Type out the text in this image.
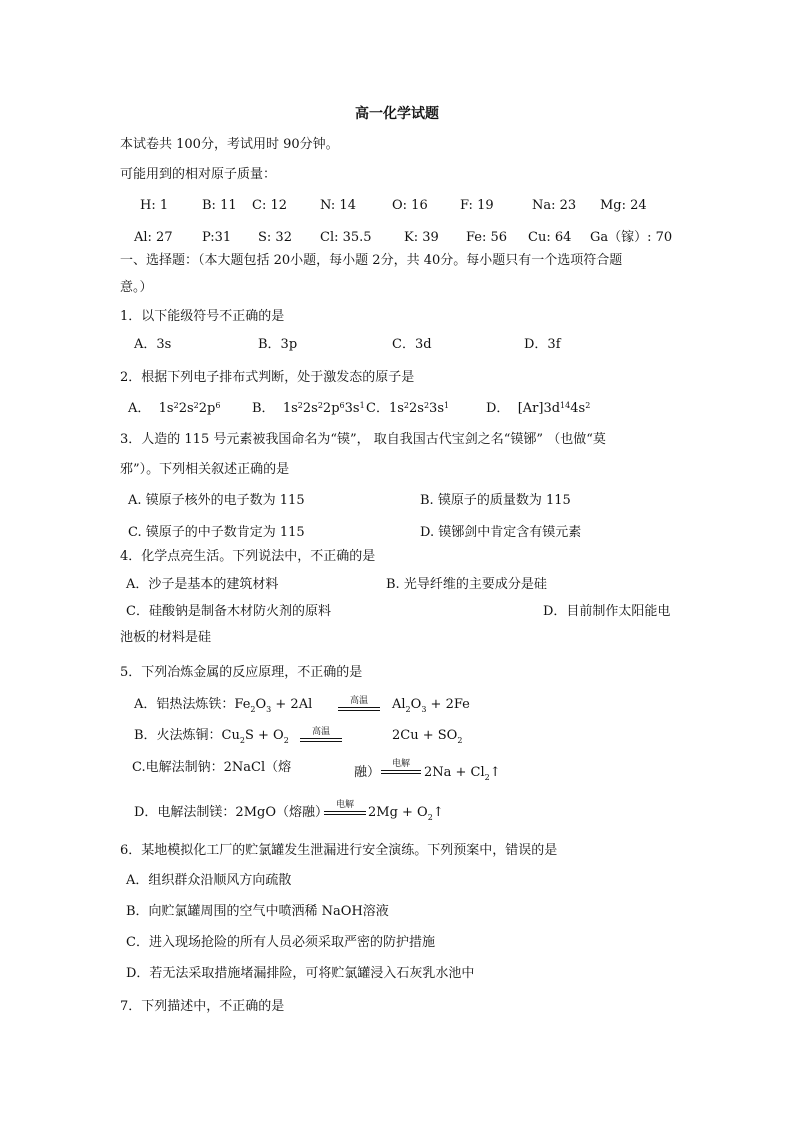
高一化学试题
本试卷共 100分，考试用时 90分钟。
可能用到的相对原子质量：
H: 1	B: 11 C: 12	N: 14	O: 16 F: 19	Na: 23 Mg: 24
Al: 27 P:31 S: 32 Cl: 35.5 K: 39 Fe: 56 Cu: 64 Ga（镓）: 70
一、选择题：（本大题包括 20小题，每小题 2分，共 40分。每小题只有一个选项符合题
意。）
1．以下能级符号不正确的是
A．3s	B．3p	C．3d	D．3f
2．根据下列电子排布式判断，处于激发态的原子是
A． $1s^22s^22p^6$ B． $1s^22s^22p^63s^1$ C．$1s^22s^23s^1$	D． $[Ar]3d^{14}4s^2$
3．人造的 115 号元素被我国命名为“镆”， 取自我国古代宝剑之名“镆铘” （也做“莫
邪”）。下列相关叙述正确的是
A. 镆原子核外的电子数为 115	B. 镆原子的质量数为 115
C. 镆原子的中子数肯定为 115	D. 镆铘剑中肯定含有镆元素
4．化学点亮生活。下列说法中，不正确的是
A．沙子是基本的建筑材料	B. 光导纤维的主要成分是硅
C．硅酸钠是制备木材防火剂的原料	D．目前制作太阳能电
池板的材料是硅
5．下列冶炼金属的反应原理，不正确的是
A．铝热法炼铁：$Fe_2O_3 + 2Al$	高温	$Al_2O_3 + 2Fe$
B．火法炼铜：$Cu_2S + O_2$
高温	$2Cu + SO_2$
C.电解法制钠：2NaCl（熔	融）
电解
$2Na + Cl_2↑$
D．电解法制镁：2MgO（熔融） 电解	$2Mg + O_2↑$
6．某地模拟化工厂的贮氯罐发生泄漏进行安全演练。下列预案中，错误的是
A．组织群众沿顺风方向疏散
B．向贮氯罐周围的空气中喷洒稀 NaOH溶液
C．进入现场抢险的所有人员必须采取严密的防护措施
D．若无法采取措施堵漏排险，可将贮氯罐浸入石灰乳水池中
7．下列描述中，不正确的是
